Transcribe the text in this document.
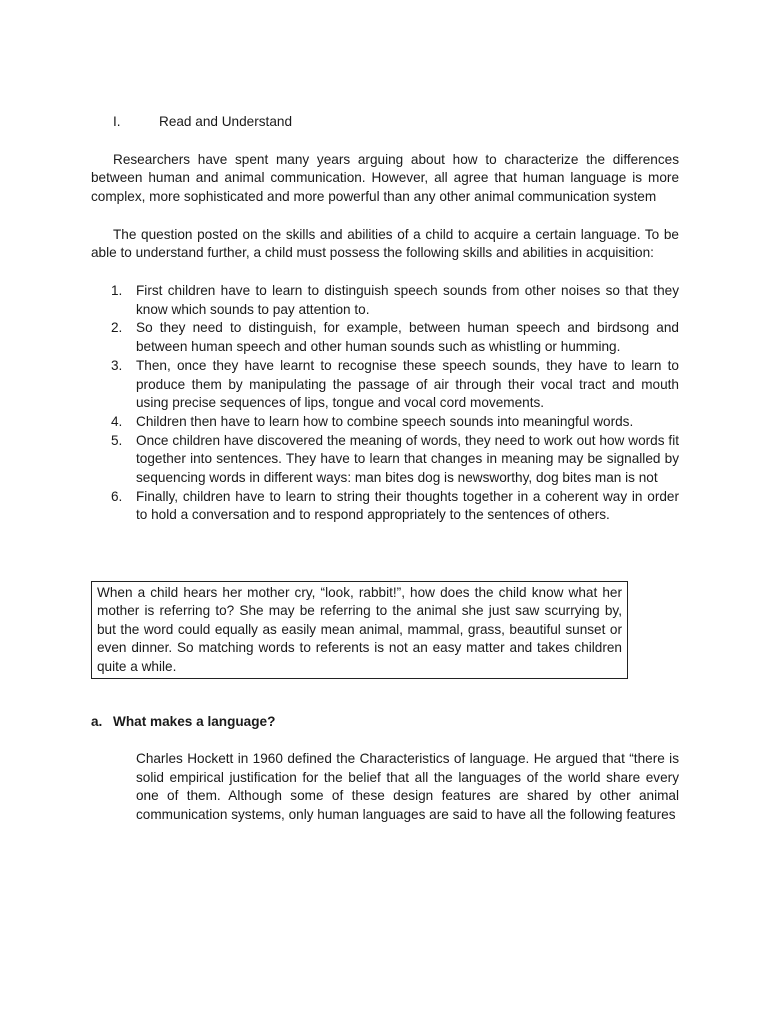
I.	Read and Understand

Researchers have spent many years arguing about how to characterize the differences between human and animal communication. However, all agree that human language is more complex, more sophisticated and more powerful than any other animal communication system

The question posted on the skills and abilities of a child to acquire a certain language. To be able to understand further, a child must possess the following skills and abilities in acquisition:

1. First children have to learn to distinguish speech sounds from other noises so that they know which sounds to pay attention to.
2. So they need to distinguish, for example, between human speech and birdsong and between human speech and other human sounds such as whistling or humming.
3. Then, once they have learnt to recognise these speech sounds, they have to learn to produce them by manipulating the passage of air through their vocal tract and mouth using precise sequences of lips, tongue and vocal cord movements.
4. Children then have to learn how to combine speech sounds into meaningful words.
5. Once children have discovered the meaning of words, they need to work out how words fit together into sentences. They have to learn that changes in meaning may be signalled by sequencing words in different ways: man bites dog is newsworthy, dog bites man is not
6. Finally, children have to learn to string their thoughts together in a coherent way in order to hold a conversation and to respond appropriately to the sentences of others.
When a child hears her mother cry, “look, rabbit!”, how does the child know what her mother is referring to? She may be referring to the animal she just saw scurrying by, but the word could equally as easily mean animal, mammal, grass, beautiful sunset or even dinner. So matching words to referents is not an easy matter and takes children quite a while.
a. What makes a language?

Charles Hockett in 1960 defined the Characteristics of language. He argued that “there is solid empirical justification for the belief that all the languages of the world share every one of them. Although some of these design features are shared by other animal communication systems, only human languages are said to have all the following features
